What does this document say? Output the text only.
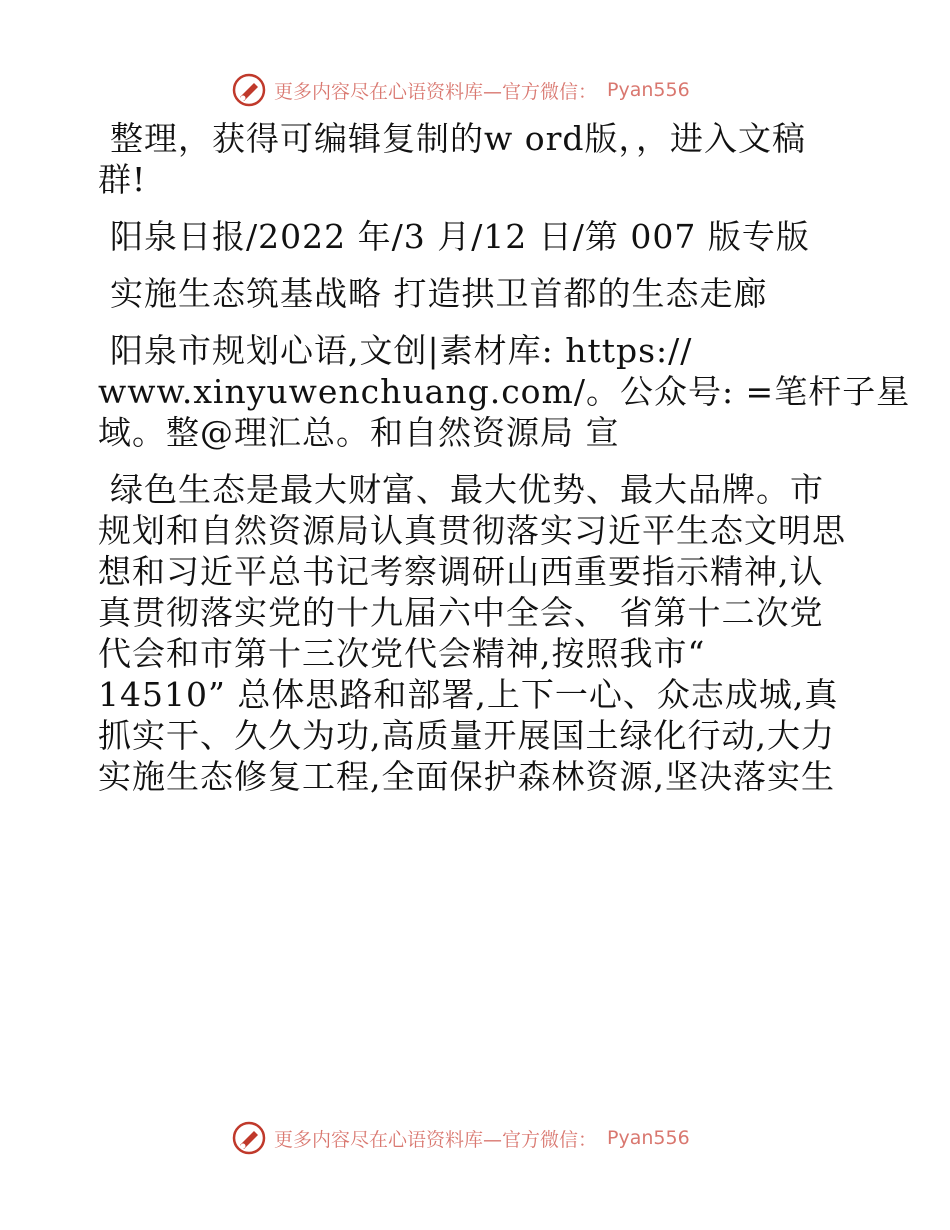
更多内容尽在心语资料库—官方微信： Pyan556

整理，获得可编辑复制的w ord版，，进入文稿
群!

阳泉日报/2022 年/3 月/12 日/第 007 版专版

实施生态筑基战略 打造拱卫首都的生态走廊

阳泉市规划心语,文创|素材库: https://
www.xinyuwenchuang.com/。公众号: =笔杆子星
域。整@理汇总。和自然资源局 宣

绿色生态是最大财富、最大优势、最大品牌。市
规划和自然资源局认真贯彻落实习近平生态文明思
想和习近平总书记考察调研山西重要指示精神,认
真贯彻落实党的十九届六中全会、 省第十二次党
代会和市第十三次党代会精神,按照我市“
14510” 总体思路和部署,上下一心、众志成城,真
抓实干、久久为功,高质量开展国土绿化行动,大力
实施生态修复工程,全面保护森林资源,坚决落实生

更多内容尽在心语资料库—官方微信： Pyan556
